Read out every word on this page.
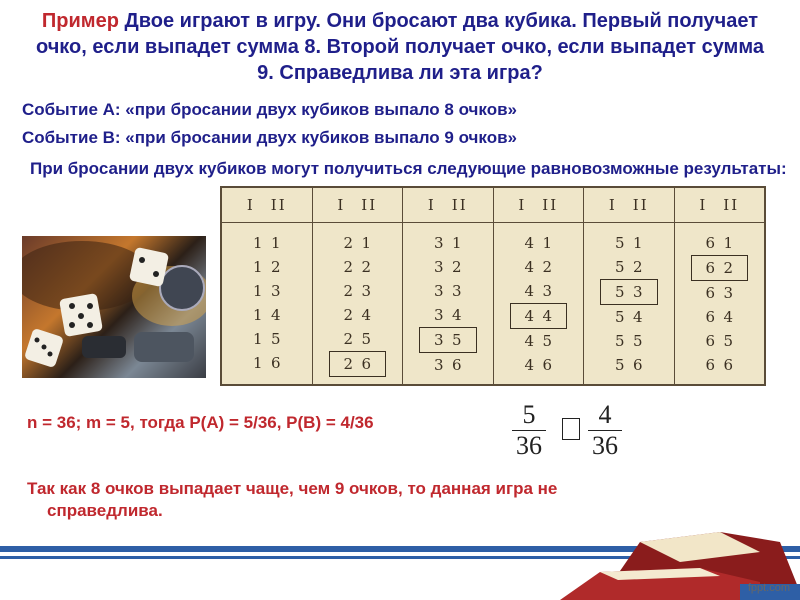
Пример Двое играют в игру. Они бросают два кубика. Первый получает очко, если выпадет сумма 8. Второй получает очко, если выпадет сумма 9. Справедлива ли эта игра?
Событие А: «при бросании двух кубиков выпало 8 очков»
Событие В: «при бросании двух кубиков выпало 9 очков»
При бросании двух кубиков могут получиться следующие равновозможные результаты:
I II
1 1
1 2
1 3
1 4
1 5
1 6
I II
2 1
2 2
2 3
2 4
2 5
2 6
I II
3 1
3 2
3 3
3 4
3 5
3 6
I II
4 1
4 2
4 3
4 4
4 5
4 6
I II
5 1
5 2
5 3
5 4
5 5
5 6
I II
6 1
6 2
6 3
6 4
6 5
6 6
n = 36; m = 5, тогда P(A) = 5/36, P(B) = 4/36	$\frac{5}{36} \frac{4}{36}$
Так как 8 очков выпадает чаще, чем 9 очков, то данная игра не
справедлива.
fppt.com
